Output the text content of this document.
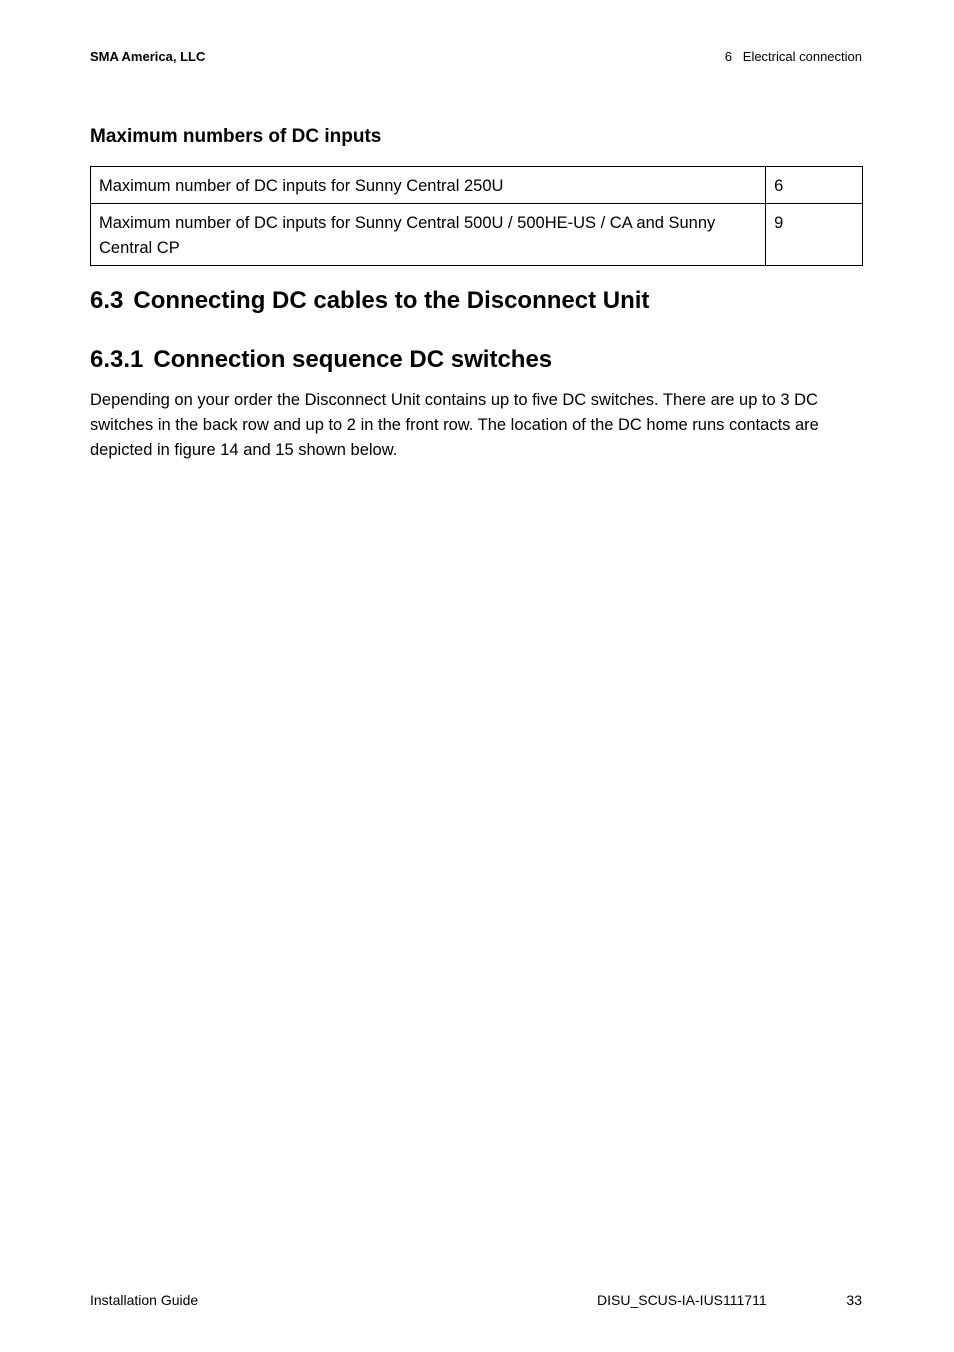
SMA America, LLC	6   Electrical connection
Maximum numbers of DC inputs
Maximum number of DC inputs for Sunny Central 250U	6
Maximum number of DC inputs for Sunny Central 500U / 500HE-US / CA and Sunny Central CP	9
6.3 Connecting DC cables to the Disconnect Unit
6.3.1 Connection sequence DC switches

Depending on your order the Disconnect Unit contains up to five DC switches. There are up to 3 DC switches in the back row and up to 2 in the front row. The location of the DC home runs contacts are depicted in figure 14 and 15 shown below.

Installation Guide	DISU_SCUS-IA-IUS111711	33
